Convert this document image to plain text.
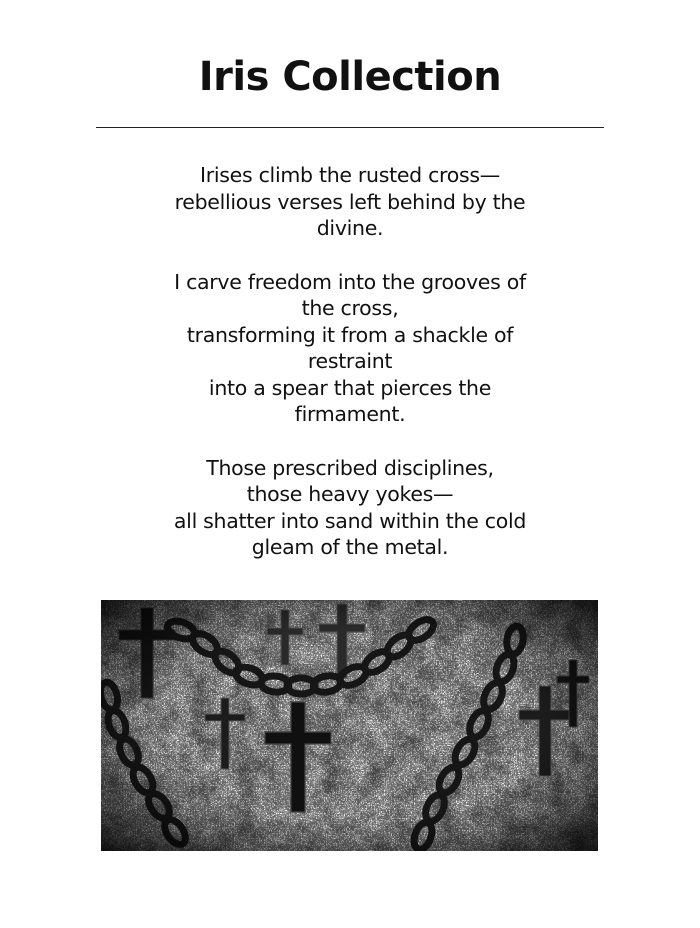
Iris Collection

Irises climb the rusted cross—
rebellious verses left behind by the
divine.

I carve freedom into the grooves of
the cross,
transforming it from a shackle of
restraint
into a spear that pierces the
firmament.

Those prescribed disciplines,
those heavy yokes—
all shatter into sand within the cold
gleam of the metal.
